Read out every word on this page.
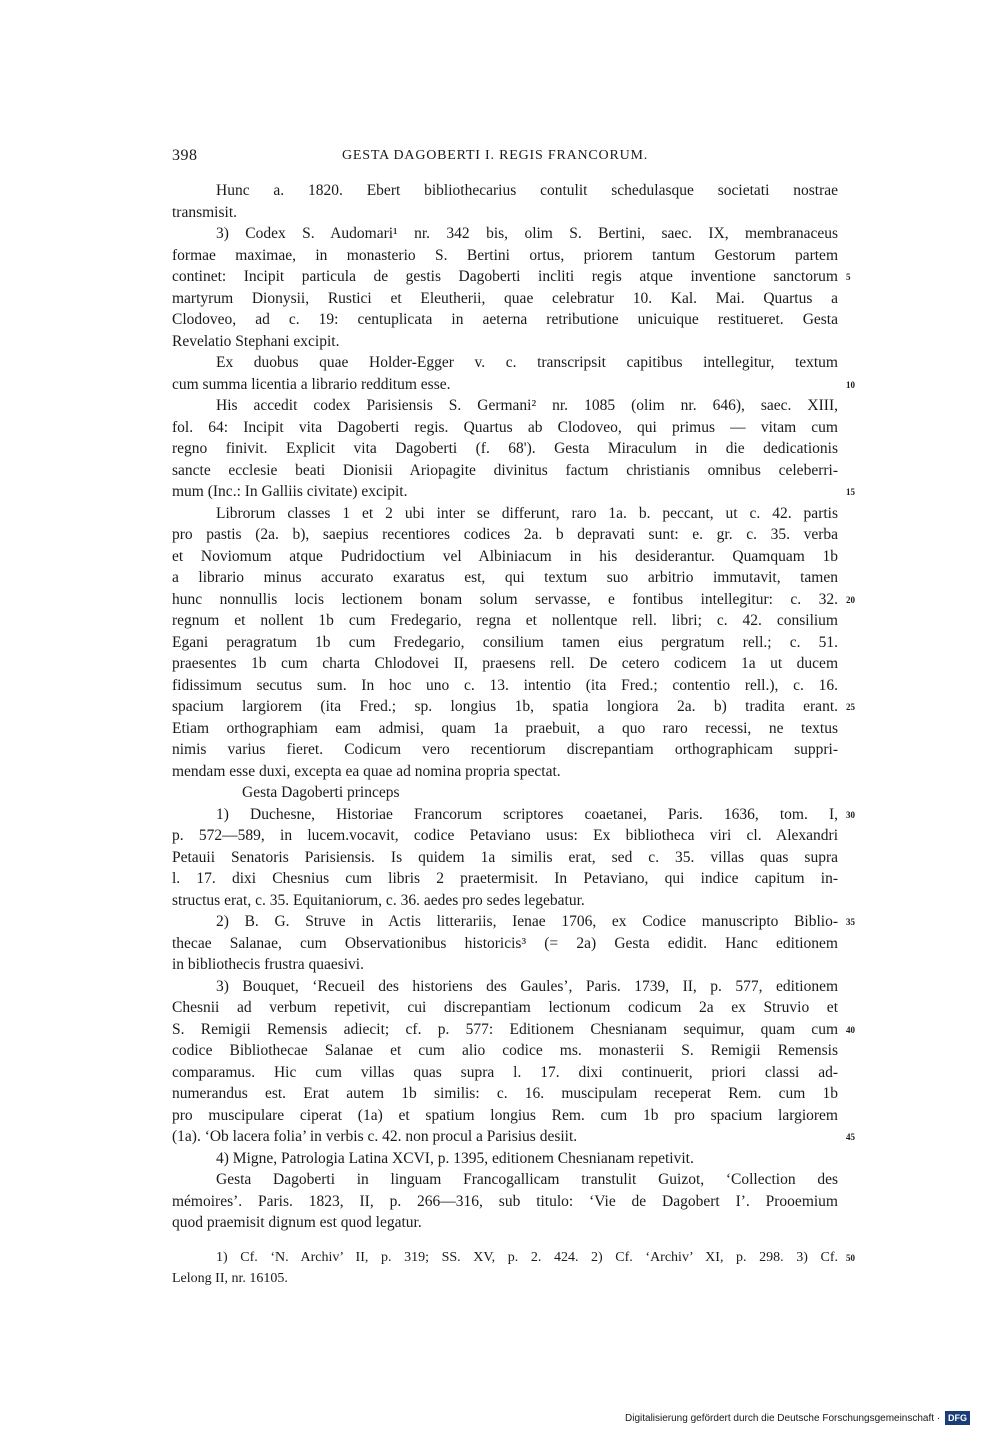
398	GESTA DAGOBERTI I. REGIS FRANCORUM.
Hunc a. 1820. Ebert bibliothecarius contulit schedulasque societati nostrae
transmisit.
3) Codex S. Audomari¹ nr. 342 bis, olim S. Bertini, saec. IX, membranaceus
formae maximae, in monasterio S. Bertini ortus, priorem tantum Gestorum partem
continet: Incipit particula de gestis Dagoberti incliti regis atque inventione sanctorum 5
martyrum Dionysii, Rustici et Eleutherii, quae celebratur 10. Kal. Mai. Quartus a
Clodoveo, ad c. 19: centuplicata in aeterna retributione unicuique restitueret. Gesta
Revelatio Stephani excipit.
Ex duobus quae Holder-Egger v. c. transcripsit capitibus intellegitur, textum
cum summa licentia a librario redditum esse.	10
His accedit codex Parisiensis S. Germani² nr. 1085 (olim nr. 646), saec. XIII,
fol. 64: Incipit vita Dagoberti regis. Quartus ab Clodoveo, qui primus — vitam cum
regno finivit. Explicit vita Dagoberti (f. 68'). Gesta Miraculum in die dedicationis
sancte ecclesie beati Dionisii Ariopagite divinitus factum christianis omnibus celeberri-
mum (Inc.: In Galliis civitate) excipit.	15
Librorum classes 1 et 2 ubi inter se differunt, raro 1a. b. peccant, ut c. 42. partis
pro pastis (2a. b), saepius recentiores codices 2a. b depravati sunt: e. gr. c. 35. verba
et Noviomum atque Pudridoctium vel Albiniacum in his desiderantur. Quamquam 1b
a librario minus accurato exaratus est, qui textum suo arbitrio immutavit, tamen
hunc nonnullis locis lectionem bonam solum servasse, e fontibus intellegitur: c. 32. 20
regnum et nollent 1b cum Fredegario, regna et nollentque rell. libri; c. 42. consilium
Egani peragratum 1b cum Fredegario, consilium tamen eius pergratum rell.; c. 51.
praesentes 1b cum charta Chlodovei II, praesens rell. De cetero codicem 1a ut ducem
fidissimum secutus sum. In hoc uno c. 13. intentio (ita Fred.; contentio rell.), c. 16.
spacium largiorem (ita Fred.; sp. longius 1b, spatia longiora 2a. b) tradita erant. 25
Etiam orthographiam eam admisi, quam 1a praebuit, a quo raro recessi, ne textus
nimis varius fieret. Codicum vero recentiorum discrepantiam orthographicam suppri-
mendam esse duxi, excepta ea quae ad nomina propria spectat.
Gesta Dagoberti princeps
1) Duchesne, Historiae Francorum scriptores coaetanei, Paris. 1636, tom. I, 30
p. 572—589, in lucem.vocavit, codice Petaviano usus: Ex bibliotheca viri cl. Alexandri
Petauii Senatoris Parisiensis. Is quidem 1a similis erat, sed c. 35. villas quas supra
l. 17. dixi Chesnius cum libris 2 praetermisit. In Petaviano, qui indice capitum in-
structus erat, c. 35. Equitaniorum, c. 36. aedes pro sedes legebatur.
2) B. G. Struve in Actis litterariis, Ienae 1706, ex Codice manuscripto Biblio- 35
thecae Salanae, cum Observationibus historicis³ (= 2a) Gesta edidit. Hanc editionem
in bibliothecis frustra quaesivi.
3) Bouquet, ‘Recueil des historiens des Gaules’, Paris. 1739, II, p. 577, editionem
Chesnii ad verbum repetivit, cui discrepantiam lectionum codicum 2a ex Struvio et
S. Remigii Remensis adiecit; cf. p. 577: Editionem Chesnianam sequimur, quam cum 40
codice Bibliothecae Salanae et cum alio codice ms. monasterii S. Remigii Remensis
comparamus. Hic cum villas quas supra l. 17. dixi continuerit, priori classi ad-
numerandus est. Erat autem 1b similis: c. 16. muscipulam receperat Rem. cum 1b
pro muscipulare ciperat (1a) et spatium longius Rem. cum 1b pro spacium largiorem
(1a). ‘Ob lacera folia’ in verbis c. 42. non procul a Parisius desiit.	45
4) Migne, Patrologia Latina XCVI, p. 1395, editionem Chesnianam repetivit.
Gesta Dagoberti in linguam Francogallicam transtulit Guizot, ‘Collection des
mémoires’. Paris. 1823, II, p. 266—316, sub titulo: ‘Vie de Dagobert I’. Prooemium
quod praemisit dignum est quod legatur.
1) Cf. ‘N. Archiv’ II, p. 319; SS. XV, p. 2. 424. 2) Cf. ‘Archiv’ XI, p. 298. 3) Cf. 50
Lelong II, nr. 16105.
Digitalisierung gefördert durch die Deutsche Forschungsgemeinschaft · DFG
